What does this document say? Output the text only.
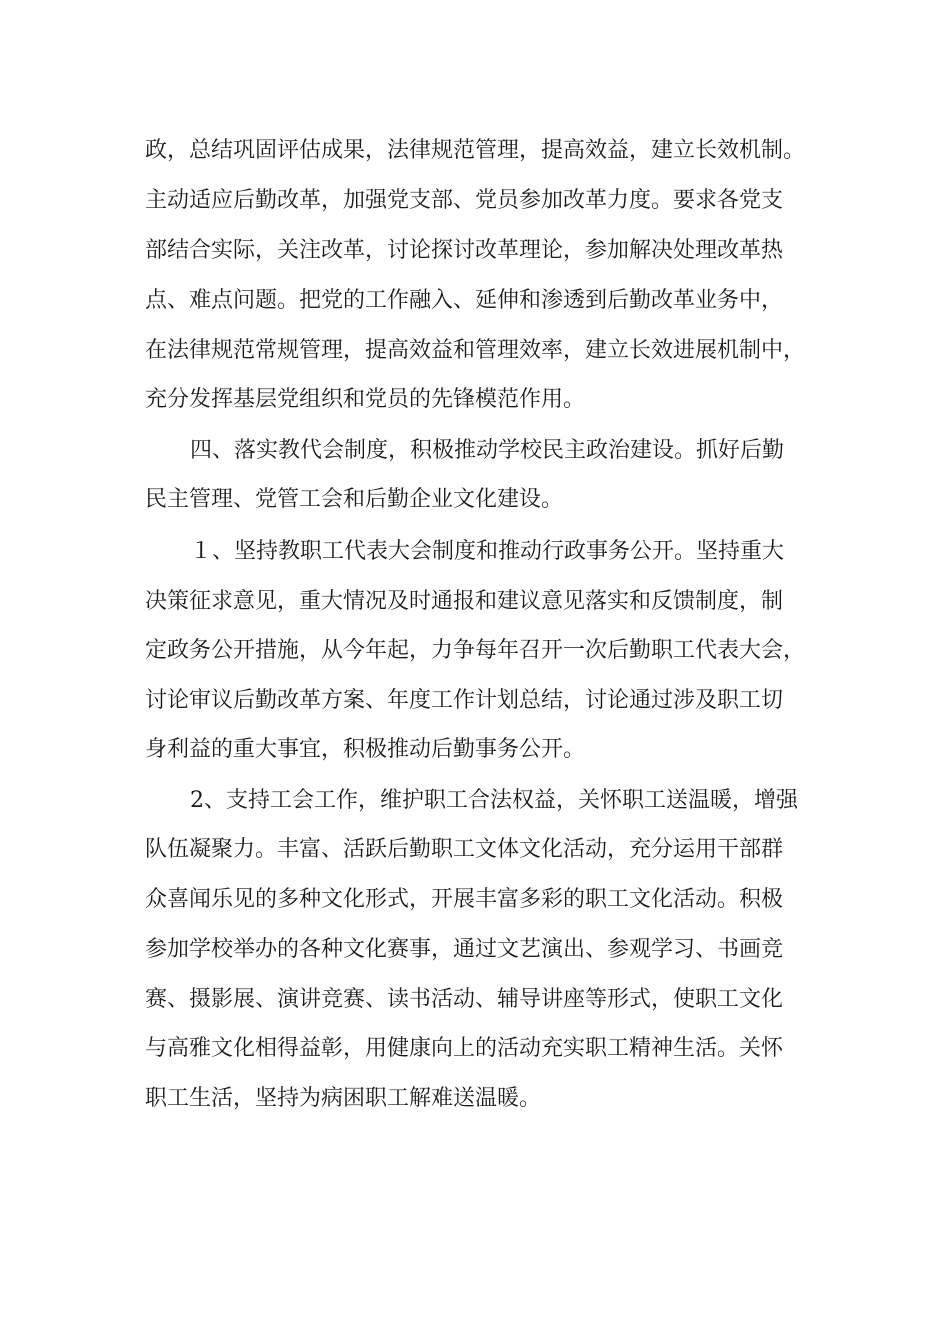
政，总结巩固评估成果，法律规范管理，提高效益，建立长效机制。
主动适应后勤改革，加强党支部、党员参加改革力度。要求各党支
部结合实际，关注改革，讨论探讨改革理论，参加解决处理改革热
点、难点问题。把党的工作融入、延伸和渗透到后勤改革业务中，
在法律规范常规管理，提高效益和管理效率，建立长效进展机制中，
充分发挥基层党组织和党员的先锋模范作用。
四、落实教代会制度，积极推动学校民主政治建设。抓好后勤
民主管理、党管工会和后勤企业文化建设。
１、坚持教职工代表大会制度和推动行政事务公开。坚持重大
决策征求意见，重大情况及时通报和建议意见落实和反馈制度，制
定政务公开措施，从今年起，力争每年召开一次后勤职工代表大会，
讨论审议后勤改革方案、年度工作计划总结，讨论通过涉及职工切
身利益的重大事宜，积极推动后勤事务公开。
2、支持工会工作，维护职工合法权益，关怀职工送温暖，增强
队伍凝聚力。丰富、活跃后勤职工文体文化活动，充分运用干部群
众喜闻乐见的多种文化形式，开展丰富多彩的职工文化活动。积极
参加学校举办的各种文化赛事，通过文艺演出、参观学习、书画竞
赛、摄影展、演讲竞赛、读书活动、辅导讲座等形式，使职工文化
与高雅文化相得益彰，用健康向上的活动充实职工精神生活。关怀
职工生活，坚持为病困职工解难送温暖。
